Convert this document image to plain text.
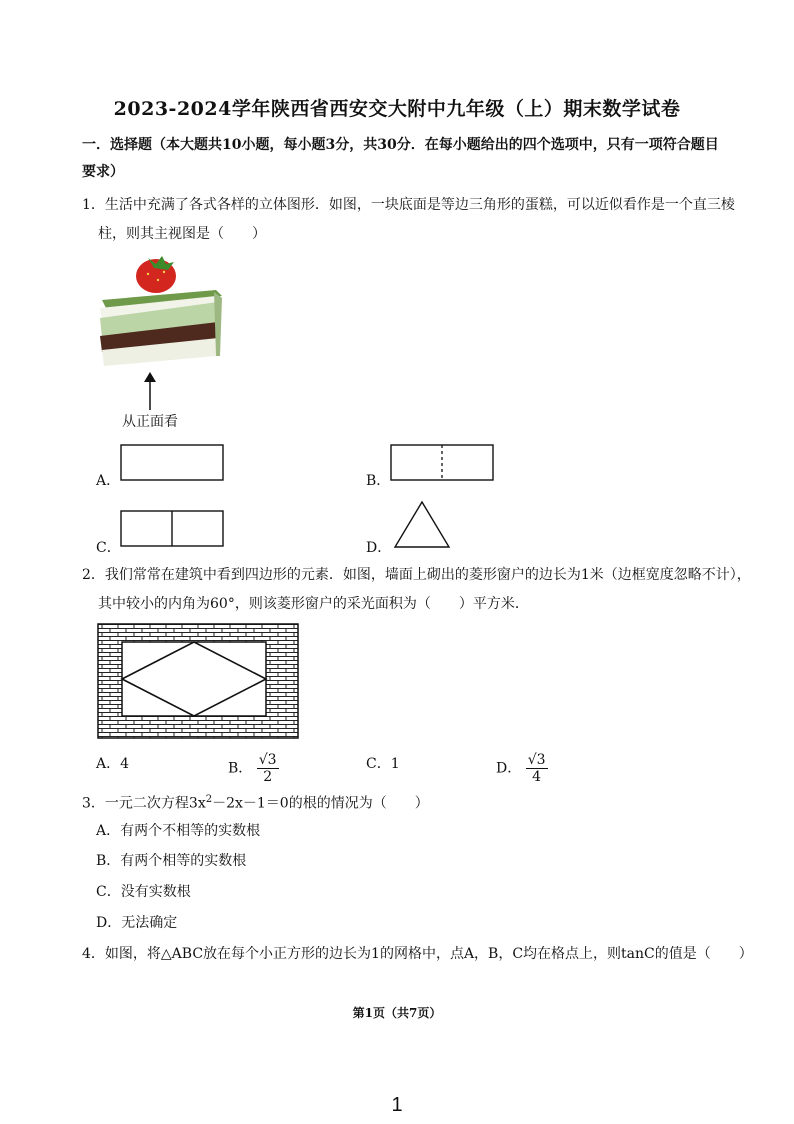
2023-2024学年陕西省西安交大附中九年级（上）期末数学试卷
一．选择题（本大题共10小题，每小题3分，共30分．在每小题给出的四个选项中，只有一项符合题目
要求）
1．生活中充满了各式各样的立体图形．如图，一块底面是等边三角形的蛋糕，可以近似看作是一个直三棱
柱，则其主视图是（　　）
从正面看
A．	B．
C．	D．
2．我们常常在建筑中看到四边形的元素．如图，墙面上砌出的菱形窗户的边长为1米（边框宽度忽略不计），
其中较小的内角为60°，则该菱形窗户的采光面积为（　　）平方米．
A．4	B． $\frac{√3}{2}$	C．1	D． $\frac{√3}{4}$
3．一元二次方程$3x^2-2x-1=0$的根的情况为（　　）
A．有两个不相等的实数根
B．有两个相等的实数根
C．没有实数根
D．无法确定
4．如图，将△ABC放在每个小正方形的边长为1的网格中，点A，B，C均在格点上，则tanC的值是（　　）
第1页（共7页）
1
